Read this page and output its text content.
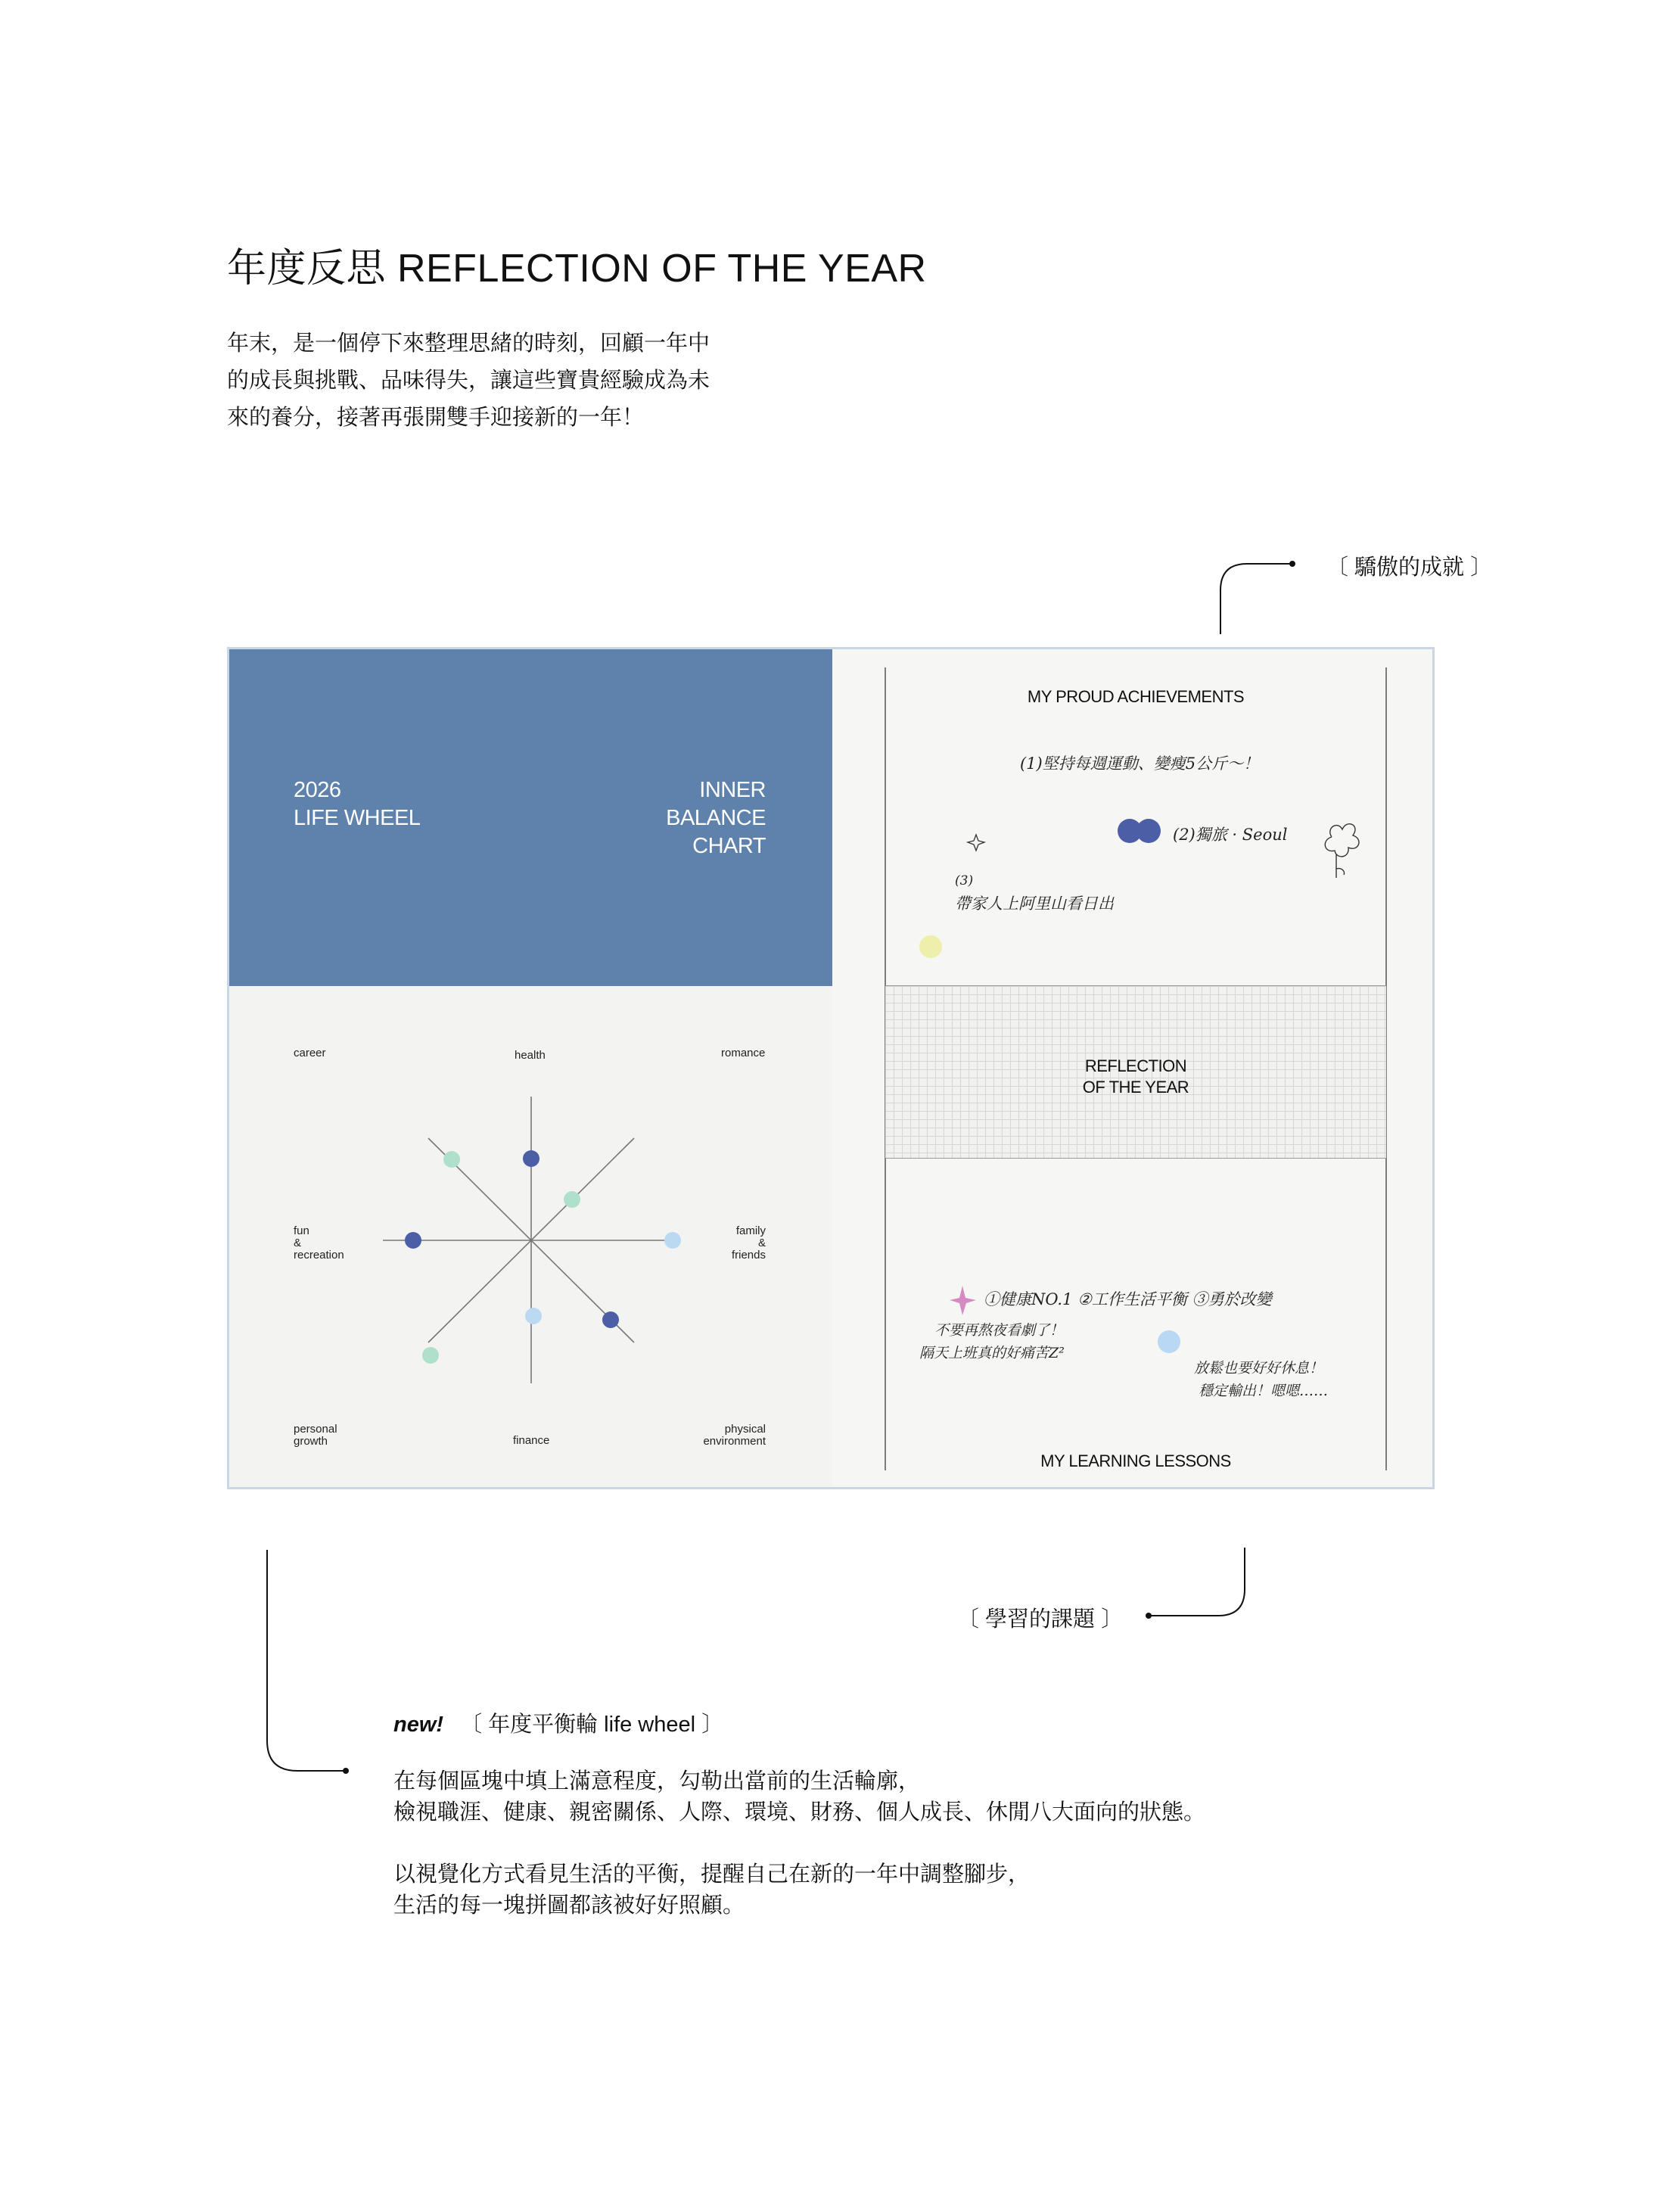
年度反思 REFLECTION OF THE YEAR
年末，是一個停下來整理思緒的時刻，回顧一年中
的成長與挑戰、品味得失，讓這些寶貴經驗成為未
來的養分，接著再張開雙手迎接新的一年！
〔 驕傲的成就 〕
〔 學習的課題 〕
2026
LIFE WHEEL
INNER
BALANCE
CHART
career	health	romance
fun
&
recreation
family
&
friends
personal
growth	finance
physical
environment
MY PROUD ACHIEVEMENTS
(1)堅持每週運動、變瘦5公斤～！
(2)獨旅 · Seoul
(3)
帶家人上阿里山看日出
REFLECTION
OF THE YEAR
①健康NO.1 ②工作生活平衡 ③勇於改變
不要再熬夜看劇了！
隔天上班真的好痛苦Z²
放鬆也要好好休息！
穩定輸出！嗯嗯……
MY LEARNING LESSONS
new! 〔 年度平衡輪 life wheel 〕
在每個區塊中填上滿意程度，勾勒出當前的生活輪廓，
檢視職涯、健康、親密關係、人際、環境、財務、個人成長、休閒八大面向的狀態。
以視覺化方式看見生活的平衡，提醒自己在新的一年中調整腳步，
生活的每一塊拼圖都該被好好照顧。
